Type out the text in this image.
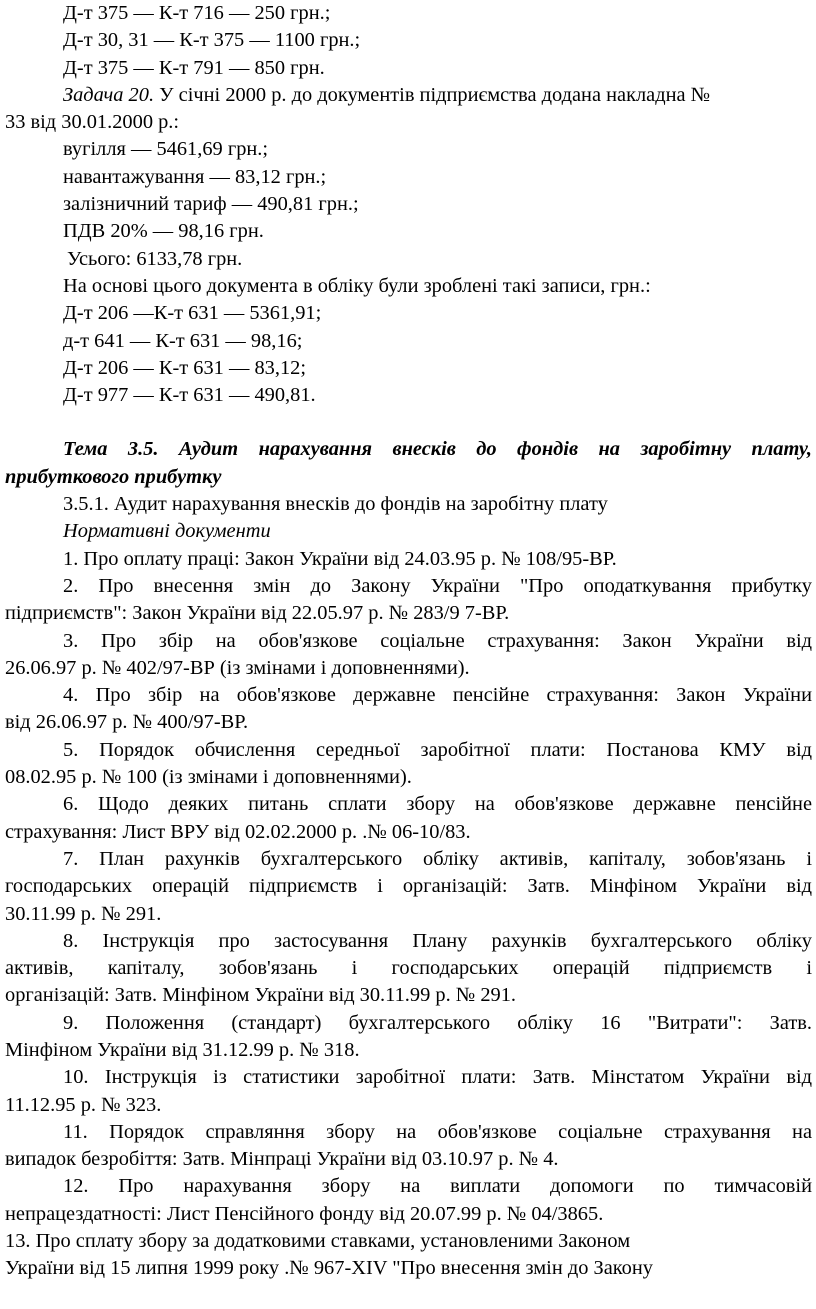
Д-т 375 — К-т 716 — 250 грн.;
Д-т 30, 31 — К-т 375 — 1100 грн.;
Д-т 375 — К-т 791 — 850 грн.
Задача 20. У січні 2000 р. до документів підприємства додана накладна №
33 від 30.01.2000 р.:
вугілля — 5461,69 грн.;
навантажування — 83,12 грн.;
залізничний тариф — 490,81 грн.;
ПДВ 20% — 98,16 грн.
Усього: 6133,78 грн.
На основі цього документа в обліку були зроблені такі записи, грн.:
Д-т 206 —К-т 631 — 5361,91;
д-т 641 — К-т 631 — 98,16;
Д-т 206 — К-т 631 — 83,12;
Д-т 977 — К-т 631 — 490,81.
Тема 3.5. Аудит нарахування внесків до фондів на заробітну плату,
прибуткового прибутку
3.5.1. Аудит нарахування внесків до фондів на заробітну плату
Нормативні документи
1. Про оплату праці: Закон України від 24.03.95 р. № 108/95-ВР.
2. Про внесення змін до Закону України "Про оподаткування прибутку
підприємств": Закон України від 22.05.97 р. № 283/9 7-ВР.
3. Про збір на обов'язкове соціальне страхування: Закон України від
26.06.97 р. № 402/97-ВР (із змінами і доповненнями).
4. Про збір на обов'язкове державне пенсійне страхування: Закон України
від 26.06.97 р. № 400/97-ВР.
5. Порядок обчислення середньої заробітної плати: Постанова КМУ від
08.02.95 р. № 100 (із змінами і доповненнями).
6. Щодо деяких питань сплати збору на обов'язкове державне пенсійне
страхування: Лист ВРУ від 02.02.2000 р. .№ 06-10/83.
7. План рахунків бухгалтерського обліку активів, капіталу, зобов'язань і
господарських операцій підприємств і організацій: Затв. Мінфіном України від
30.11.99 р. № 291.
8. Інструкція про застосування Плану рахунків бухгалтерського обліку
активів, капіталу, зобов'язань і господарських операцій підприємств і
організацій: Затв. Мінфіном України від 30.11.99 р. № 291.
9. Положення (стандарт) бухгалтерського обліку 16 "Витрати": Затв.
Мінфіном України від 31.12.99 р. № 318.
10. Інструкція із статистики заробітної плати: Затв. Мінстатом України від
11.12.95 р. № 323.
11. Порядок справляння збору на обов'язкове соціальне страхування на
випадок безробіття: Затв. Мінпраці України від 03.10.97 р. № 4.
12. Про нарахування збору на виплати допомоги по тимчасовій
непрацездатності: Лист Пенсійного фонду від 20.07.99 р. № 04/3865.
13. Про сплату збору за додатковими ставками, установленими Законом
України від 15 липня 1999 року .№ 967-XIV "Про внесення змін до Закону
